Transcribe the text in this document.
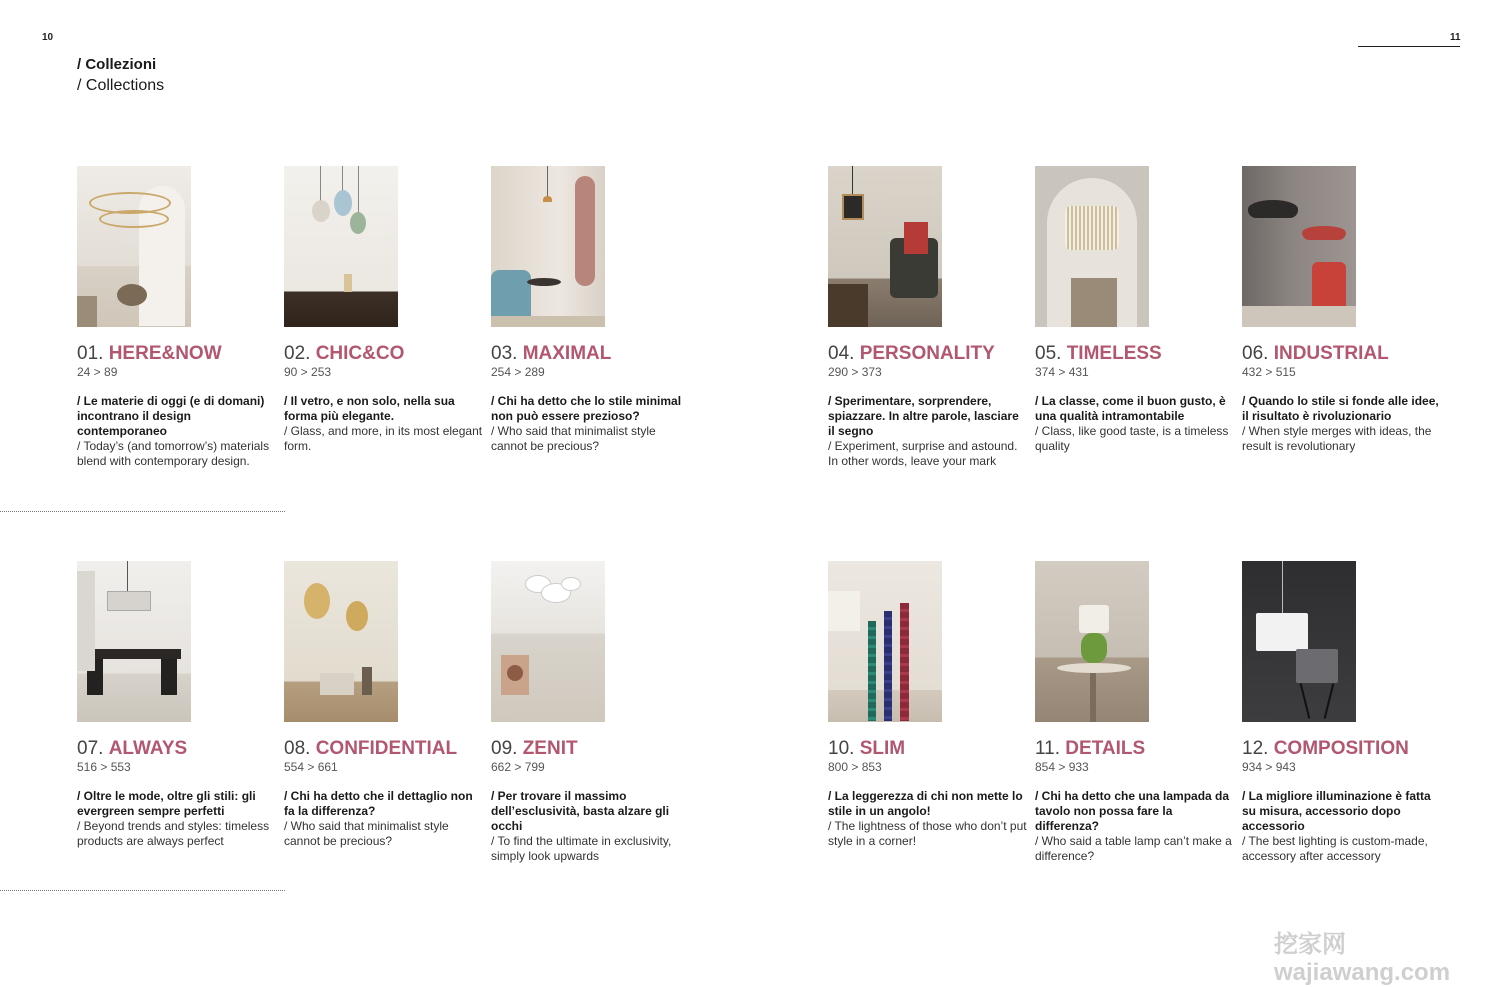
10	11
/ Collezioni
/ Collections
01. HERE&NOW
24 > 89
/ Le materie di oggi (e di domani) incontrano il design contemporaneo
/ Today’s (and tomorrow’s) materials blend with contemporary design.
02. CHIC&CO
90 > 253
/ Il vetro, e non solo, nella sua forma più elegante.
/ Glass, and more, in its most elegant form.
03. MAXIMAL
254 > 289
/ Chi ha detto che lo stile minimal non può essere prezioso?
/ Who said that minimalist style cannot be precious?
04. PERSONALITY
290 > 373
/ Sperimentare, sorprendere, spiazzare. In altre parole, lasciare il segno
/ Experiment, surprise and astound. In other words, leave your mark
05. TIMELESS
374 > 431
/ La classe, come il buon gusto, è una qualità intramontabile
/ Class, like good taste, is a timeless quality
06. INDUSTRIAL
432 > 515
/ Quando lo stile si fonde alle idee, il risultato è rivoluzionario
/ When style merges with ideas, the result is revolutionary
07. ALWAYS
516 > 553
/ Oltre le mode, oltre gli stili: gli evergreen sempre perfetti
/ Beyond trends and styles: timeless products are always perfect
08. CONFIDENTIAL
554 > 661
/ Chi ha detto che il dettaglio non fa la differenza?
/ Who said that minimalist style cannot be precious?
09. ZENIT
662 > 799
/ Per trovare il massimo dell’esclusività, basta alzare gli occhi
/ To find the ultimate in exclusivity, simply look upwards
10. SLIM
800 > 853
/ La leggerezza di chi non mette lo stile in un angolo!
/ The lightness of those who don’t put style in a corner!
11. DETAILS
854 > 933
/ Chi ha detto che una lampada da tavolo non possa fare la differenza?
/ Who said a table lamp can’t make a difference?
12. COMPOSITION
934 > 943
/ La migliore illuminazione è fatta su misura, accessorio dopo accessorio
/ The best lighting is custom-made, accessory after accessory
挖家网 wajiawang.com
